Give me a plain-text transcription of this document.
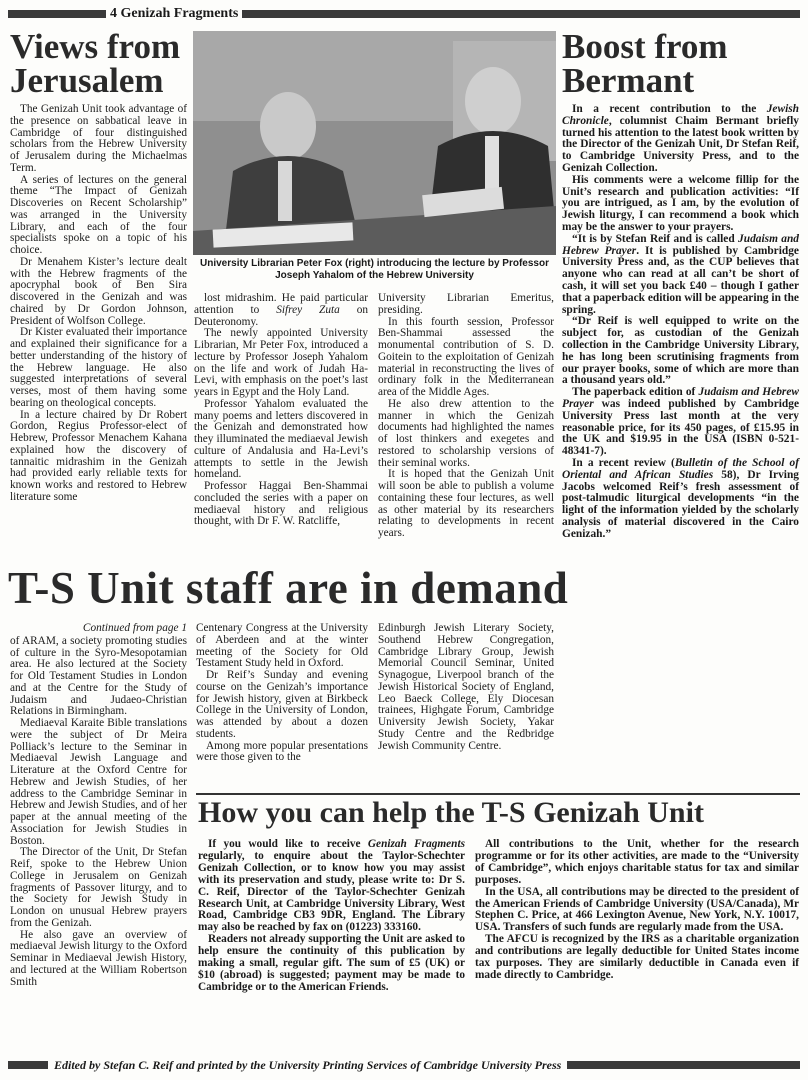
4 Genizah Fragments
Views from Jerusalem

The Genizah Unit took advantage of the presence on sabbatical leave in Cambridge of four distinguished scholars from the Hebrew University of Jerusalem during the Michaelmas Term.

A series of lectures on the general theme “The Impact of Genizah Discoveries on Recent Scholarship” was arranged in the University Library, and each of the four specialists spoke on a topic of his choice.

Dr Menahem Kister’s lecture dealt with the Hebrew fragments of the apocryphal book of Ben Sira discovered in the Genizah and was chaired by Dr Gordon Johnson, President of Wolfson College.

Dr Kister evaluated their importance and explained their significance for a better understanding of the history of the Hebrew language. He also suggested interpretations of several verses, most of them having some bearing on theological concepts.

In a lecture chaired by Dr Robert Gordon, Regius Professor-elect of Hebrew, Professor Menachem Kahana explained how the discovery of tannaitic midrashim in the Genizah had provided early reliable texts for known works and restored to Hebrew literature some

University Librarian Peter Fox (right) introducing the lecture by Professor Joseph Yahalom of the Hebrew University

lost midrashim. He paid particular attention to Sifrey Zuta on Deuteronomy.

The newly appointed University Librarian, Mr Peter Fox, introduced a lecture by Professor Joseph Yahalom on the life and work of Judah Ha-Levi, with emphasis on the poet’s last years in Egypt and the Holy Land.

Professor Yahalom evaluated the many poems and letters discovered in the Genizah and demonstrated how they illuminated the mediaeval Jewish culture of Andalusia and Ha-Levi’s attempts to settle in the Jewish homeland.

Professor Haggai Ben-Shammai concluded the series with a paper on mediaeval history and religious thought, with Dr F. W. Ratcliffe,

University Librarian Emeritus, presiding.

In this fourth session, Professor Ben-Shammai assessed the monumental contribution of S. D. Goitein to the exploitation of Genizah material in reconstructing the lives of ordinary folk in the Mediterranean area of the Middle Ages.

He also drew attention to the manner in which the Genizah documents had highlighted the names of lost thinkers and exegetes and restored to scholarship versions of their seminal works.

It is hoped that the Genizah Unit will soon be able to publish a volume containing these four lectures, as well as other material by its researchers relating to developments in recent years.

Boost from Bermant

In a recent contribution to the Jewish Chronicle, columnist Chaim Bermant briefly turned his attention to the latest book written by the Director of the Genizah Unit, Dr Stefan Reif, to Cambridge University Press, and to the Genizah Collection.

His comments were a welcome fillip for the Unit’s research and publication activities: “If you are intrigued, as I am, by the evolution of Jewish liturgy, I can recommend a book which may be the answer to your prayers.

“It is by Stefan Reif and is called Judaism and Hebrew Prayer. It is published by Cambridge University Press and, as the CUP believes that anyone who can read at all can’t be short of cash, it will set you back £40 – though I gather that a paperback edition will be appearing in the spring.

“Dr Reif is well equipped to write on the subject for, as custodian of the Genizah collection in the Cambridge University Library, he has long been scrutinising fragments from our prayer books, some of which are more than a thousand years old.”

The paperback edition of Judaism and Hebrew Prayer was indeed published by Cambridge University Press last month at the very reasonable price, for its 450 pages, of £15.95 in the UK and $19.95 in the USA (ISBN 0-521-48341-7).

In a recent review (Bulletin of the School of Oriental and African Studies 58), Dr Irving Jacobs welcomed Reif’s fresh assessment of post-talmudic liturgical developments “in the light of the information yielded by the scholarly analysis of material discovered in the Cairo Genizah.”

T-S Unit staff are in demand
Continued from page 1

of ARAM, a society promoting studies of culture in the Syro-Mesopotamian area. He also lectured at the Society for Old Testament Studies in London and at the Centre for the Study of Judaism and Judaeo-Christian Relations in Birmingham.

Mediaeval Karaite Bible translations were the subject of Dr Meira Polliack’s lecture to the Seminar in Mediaeval Jewish Language and Literature at the Oxford Centre for Hebrew and Jewish Studies, of her address to the Cambridge Seminar in Hebrew and Jewish Studies, and of her paper at the annual meeting of the Association for Jewish Studies in Boston.

The Director of the Unit, Dr Stefan Reif, spoke to the Hebrew Union College in Jerusalem on Genizah fragments of Passover liturgy, and to the Society for Jewish Study in London on unusual Hebrew prayers from the Genizah.

He also gave an overview of mediaeval Jewish liturgy to the Oxford Seminar in Mediaeval Jewish History, and lectured at the William Robertson Smith

Centenary Congress at the University of Aberdeen and at the winter meeting of the Society for Old Testament Study held in Oxford.

Dr Reif’s Sunday and evening course on the Genizah’s importance for Jewish history, given at Birkbeck College in the University of London, was attended by about a dozen students.

Among more popular presentations were those given to the

Edinburgh Jewish Literary Society, Southend Hebrew Congregation, Cambridge Library Group, Jewish Memorial Council Seminar, United Synagogue, Liverpool branch of the Jewish Historical Society of England, Leo Baeck College, Ely Diocesan trainees, Highgate Forum, Cambridge University Jewish Society, Yakar Study Centre and the Redbridge Jewish Community Centre.

How you can help the T-S Genizah Unit

If you would like to receive Genizah Fragments regularly, to enquire about the Taylor-Schechter Genizah Collection, or to know how you may assist with its preservation and study, please write to: Dr S. C. Reif, Director of the Taylor-Schechter Genizah Research Unit, at Cambridge University Library, West Road, Cambridge CB3 9DR, England. The Library may also be reached by fax on (01223) 333160.

Readers not already supporting the Unit are asked to help ensure the continuity of this publication by making a small, regular gift. The sum of £5 (UK) or $10 (abroad) is suggested; payment may be made to Cambridge or to the American Friends.

All contributions to the Unit, whether for the research programme or for its other activities, are made to the “University of Cambridge”, which enjoys charitable status for tax and similar purposes.

In the USA, all contributions may be directed to the president of the American Friends of Cambridge University (USA/Canada), Mr Stephen C. Price, at 466 Lexington Avenue, New York, N.Y. 10017, USA. Transfers of such funds are regularly made from the USA.

The AFCU is recognized by the IRS as a charitable organization and contributions are legally deductible for United States income tax purposes. They are similarly deductible in Canada even if made directly to Cambridge.

Edited by Stefan C. Reif and printed by the University Printing Services of Cambridge University Press
